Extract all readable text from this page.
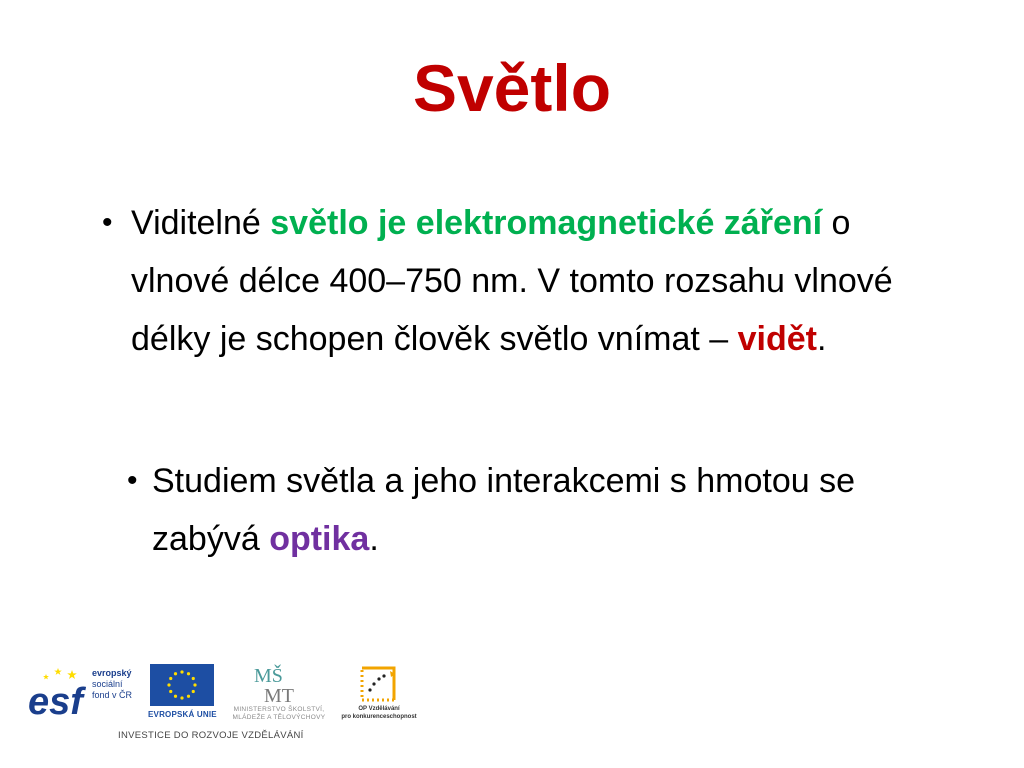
Světlo
• Viditelné světlo je elektromagnetické záření o vlnové délce 400–750 nm. V tomto rozsahu vlnové délky je schopen člověk světlo vnímat – vidět.

• Studiem světla a jeho interakcemi s hmotou se zabývá optika.

esf
evropský
sociální
fond v ČR
EVROPSKÁ UNIE
MŠ
MT
MINISTERSTVO ŠKOLSTVÍ,
MLÁDEŽE A TĚLOVÝCHOVY
OP Vzdělávání
pro konkurenceschopnost
INVESTICE DO ROZVOJE VZDĚLÁVÁNÍ
